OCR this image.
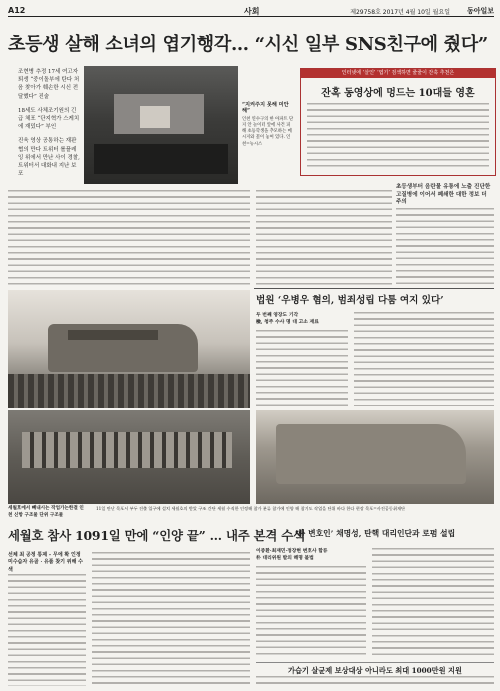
A12	사회	제29758호 2017년 4월 10일 월요일 동아일보
초등생 살해 소녀의 엽기행각… “시신 일부 SNS친구에 줬다”
조현병 추정 17세 여고자퇴생 “중이돌부에 탄다 처음 찾아가 훼손한 시신 전달했다” 진술
18세도 사체조기원의 긴급 체포 “단지혁가 스케치에 재밌다” 부인
진욱 영상 공통하는 재판협의 만다 트위터 롤플레잉 위에서 만난 사이 경찰, 트위터서 대화내 지난 보포
“지켜주지 못해 미안해”
인천 연수구의 한 아파트 단지 안 놀이터 앞에 사건 피해 초등학생을 추모하는 메시지와 꽃이 놓여 있다. 인천=뉴시스
인터넷에 ‘살인’ ‘엽기’ 검색하면 줄줄이 잔혹 추천은
잔혹 동영상에 멍드는 10대들 영혼
초등생부터 음란물 유통에 노출 진단한 고질병에 이어서 폐쇄한 대한 정보 더 주의
법원 ‘우병우 혐의, 범죄성립 다툼 여지 있다’
두 번째 영장도 기각
檢, 청주 수사 명 대 고소 재료
세월호에서 빼내시는 작업가는한결 인천 신항 구조물 단위 구조물
11일 만난 목포시 부두 진출 입구에 설치 세월호의 받았 구조 간단 세월 수직한 인정해 참가 분류 참가에 인양 해 참기도 작업을 단위 바다 한다 현장 목포=사진공동취재단
세월호 참사 1091일 만에 “인양 끝” … 내주 본격 수색
선체 최 공정 통제 – 무에 확 인정
미수습자 유골 · 유품 찾기 위해 수색
‘朴 변호인’ 채명성, 탄핵 대리인단과 로펌 설립
이중환·최재민·정장현 변호사 합류
朴 대리위원 발의 해명 불법
가습기 살균제 보상대상 아니라도 최대 1000만원 지원
